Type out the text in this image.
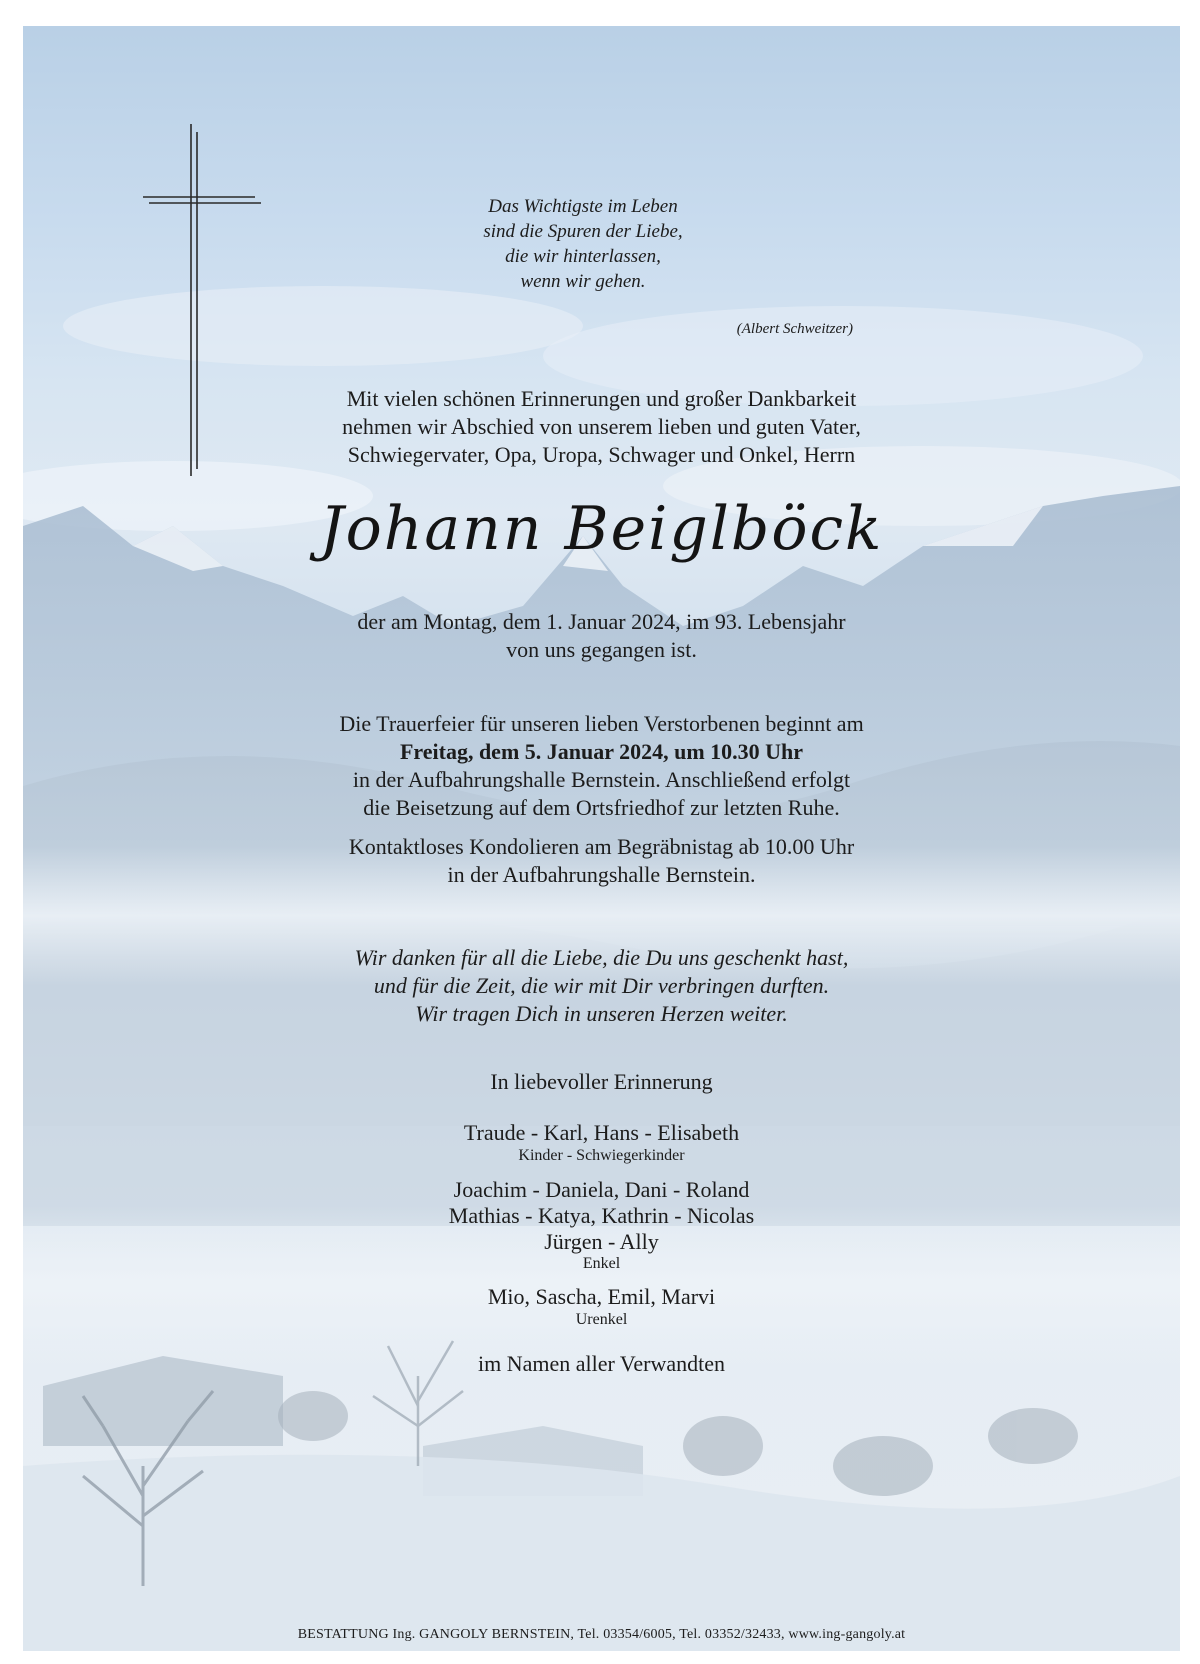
Das Wichtigste im Leben
sind die Spuren der Liebe,
die wir hinterlassen,
wenn wir gehen.
(Albert Schweitzer)
Mit vielen schönen Erinnerungen und großer Dankbarkeit
nehmen wir Abschied von unserem lieben und guten Vater,
Schwiegervater, Opa, Uropa, Schwager und Onkel, Herrn
Johann Beiglböck
der am Montag, dem 1. Januar 2024, im 93. Lebensjahr
von uns gegangen ist.
Die Trauerfeier für unseren lieben Verstorbenen beginnt am
Freitag, dem 5. Januar 2024, um 10.30 Uhr
in der Aufbahrungshalle Bernstein. Anschließend erfolgt
die Beisetzung auf dem Ortsfriedhof zur letzten Ruhe.
Kontaktloses Kondolieren am Begräbnistag ab 10.00 Uhr
in der Aufbahrungshalle Bernstein.
Wir danken für all die Liebe, die Du uns geschenkt hast,
und für die Zeit, die wir mit Dir verbringen durften.
Wir tragen Dich in unseren Herzen weiter.
In liebevoller Erinnerung
Traude - Karl, Hans - Elisabeth
Kinder - Schwiegerkinder
Joachim - Daniela, Dani - Roland
Mathias - Katya, Kathrin - Nicolas
Jürgen - Ally
Enkel
Mio, Sascha, Emil, Marvi
Urenkel
im Namen aller Verwandten
BESTATTUNG Ing. GANGOLY BERNSTEIN, Tel. 03354/6005, Tel. 03352/32433, www.ing-gangoly.at
